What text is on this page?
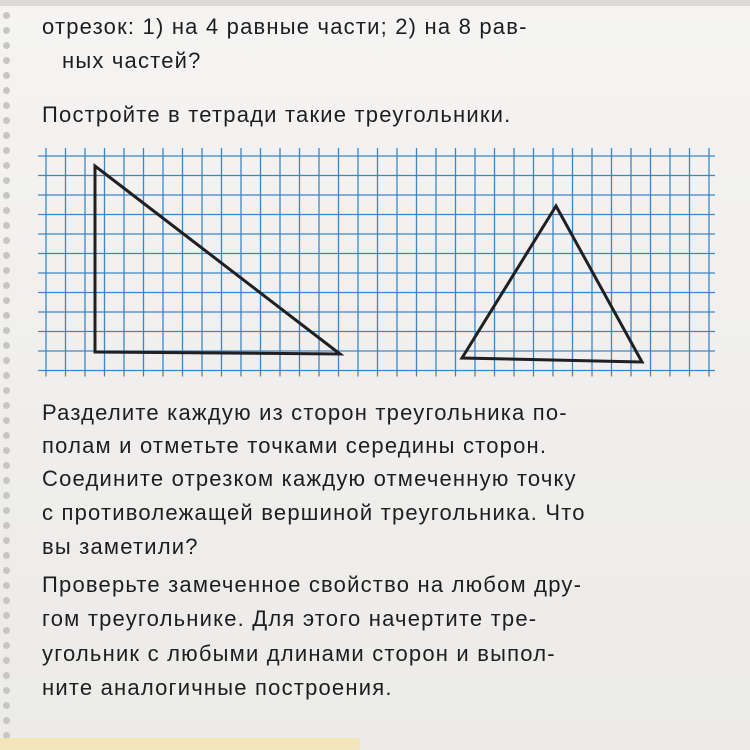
отрезок: 1) на 4 равные части; 2) на 8 рав-

ных частей?

Постройте в тетради такие треугольники.

Разделите каждую из сторон треугольника по-

полам и отметьте точками середины сторон.

Соедините отрезком каждую отмеченную точку

с противолежащей вершиной треугольника. Что

вы заметили?

Проверьте замеченное свойство на любом дру-

гом треугольнике. Для этого начертите тре-

угольник с любыми длинами сторон и выпол-

ните аналогичные построения.
